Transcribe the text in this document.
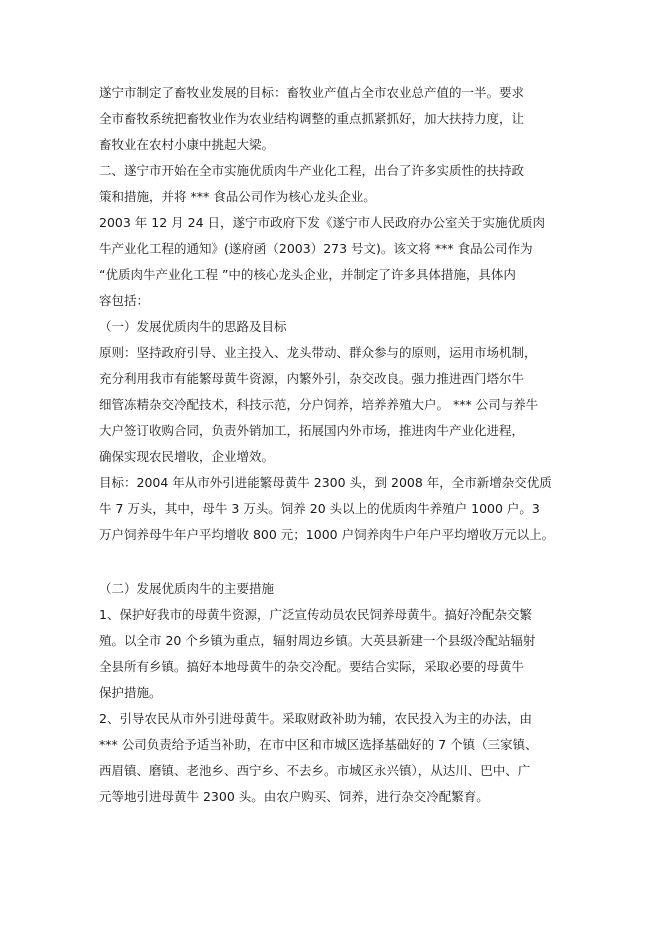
遂宁市制定了畜牧业发展的目标：畜牧业产值占全市农业总产值的一半。要求
全市畜牧系统把畜牧业作为农业结构调整的重点抓紧抓好，加大扶持力度，让
畜牧业在农村小康中挑起大梁。
二、遂宁市开始在全市实施优质肉牛产业化工程，出台了许多实质性的扶持政
策和措施，并将 *** 食品公司作为核心龙头企业。
2003 年 12 月 24 日，遂宁市政府下发《遂宁市人民政府办公室关于实施优质肉
牛产业化工程的通知》(遂府函（2003）273 号文)。该文将 *** 食品公司作为
“优质肉牛产业化工程 ”中的核心龙头企业，并制定了许多具体措施，具体内
容包括：
（一）发展优质肉牛的思路及目标
原则：坚持政府引导、业主投入、龙头带动、群众参与的原则，运用市场机制，
充分利用我市有能繁母黄牛资源，内繁外引，杂交改良。强力推进西门塔尔牛
细管冻精杂交冷配技术，科技示范，分户饲养，培养养殖大户。 *** 公司与养牛
大户签订收购合同，负责外销加工，拓展国内外市场，推进肉牛产业化进程，
确保实现农民增收，企业增效。
目标：2004 年从市外引进能繁母黄牛 2300 头，到 2008 年，全市新增杂交优质
牛 7 万头，其中，母牛 3 万头。饲养 20 头以上的优质肉牛养殖户 1000 户。3
万户饲养母牛年户平均增收 800 元；1000 户饲养肉牛户年户平均增收万元以上。
（二）发展优质肉牛的主要措施
1、保护好我市的母黄牛资源，广泛宣传动员农民饲养母黄牛。搞好冷配杂交繁
殖。以全市 20 个乡镇为重点，辐射周边乡镇。大英县新建一个县级冷配站辐射
全县所有乡镇。搞好本地母黄牛的杂交冷配。要结合实际，采取必要的母黄牛
保护措施。
2、引导农民从市外引进母黄牛。采取财政补助为辅，农民投入为主的办法，由
*** 公司负责给予适当补助，在市中区和市城区选择基础好的 7 个镇（三家镇、
西眉镇、磨镇、老池乡、西宁乡、不去乡。市城区永兴镇），从达川、巴中、广
元等地引进母黄牛 2300 头。由农户购买、饲养，进行杂交冷配繁育。
